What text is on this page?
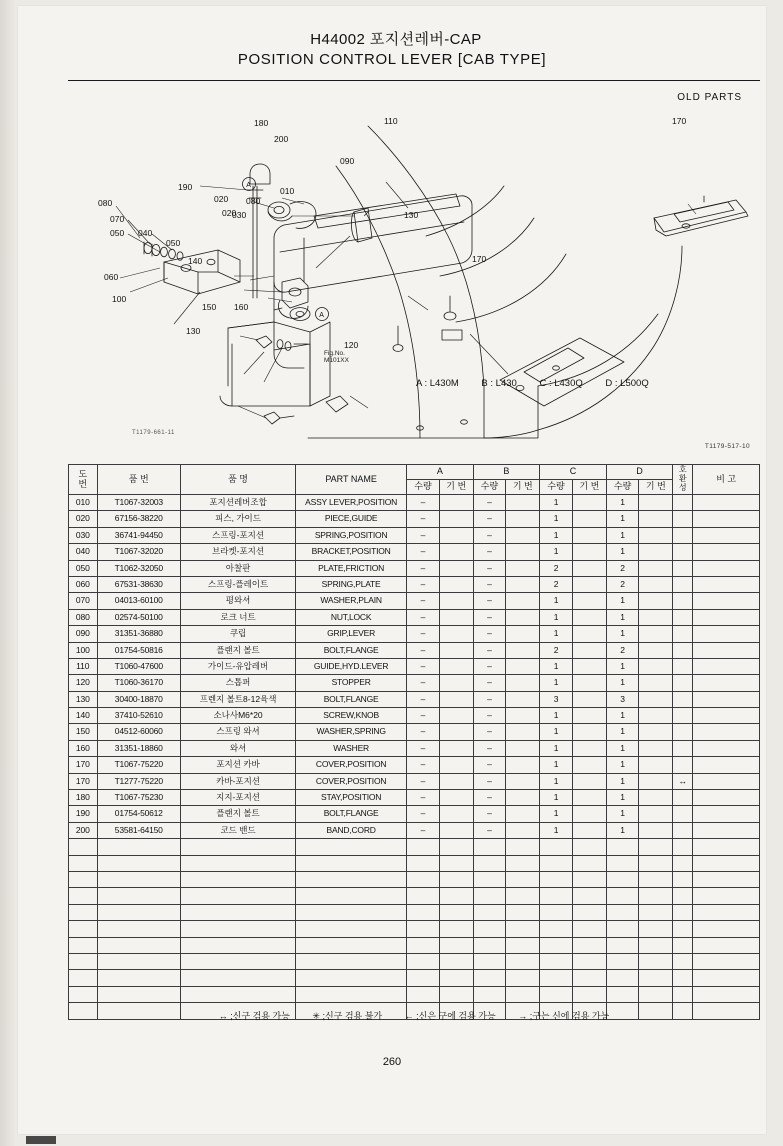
H44002 포지션레버-CAP
POSITION CONTROL LEVER [CAB TYPE]
OLD PARTS
T1179-661-11
T1179-517-10
Fig.No.
M101XX
A
A
080
070
050 040
060
100
050
190
180
200
020
020
080
030
140
150 160
130
110
090
010
130
120
170
170
A : L430M B : L430 C : L430Q D : L500Q
도
번	품 번	품 명	PART NAME	A	B	C	D	호
환
성
	비 고
				수량	기 번	수량	기 번	수량	기 번	수량	기 번		
010	T1067-32003	포지션레버조합	ASSY LEVER,POSITION	–		–		1		1			
020	67156-38220	피스, 가이드	PIECE,GUIDE	–		–		1		1			
030	36741-94450	스프링-포지션	SPRING,POSITION	–		–		1		1			
040	T1067-32020	브라켓-포지션	BRACKET,POSITION	–		–		1		1			
050	T1062-32050	아찰판	PLATE,FRICTION	–		–		2		2			
060	67531-38630	스프링-플레이트	SPRING,PLATE	–		–		2		2			
070	04013-60100	평와셔	WASHER,PLAIN	–		–		1		1			
080	02574-50100	로크 너트	NUT,LOCK	–		–		1		1			
090	31351-36880	쿠립	GRIP,LEVER	–		–		1		1			
100	01754-50816	플랜지 볼트	BOLT,FLANGE	–		–		2		2			
110	T1060-47600	가이드-유압레버	GUIDE,HYD.LEVER	–		–		1		1			
120	T1060-36170	스톱퍼	STOPPER	–		–		1		1			
130	30400-18870	프렌지 볼트8-12육색	BOLT,FLANGE	–		–		3		3			
140	37410-52610	소나사M6*20	SCREW,KNOB	–		–		1		1			
150	04512-60060	스프링 와셔	WASHER,SPRING	–		–		1		1			
160	31351-18860	와셔	WASHER	–		–		1		1			
170	T1067-75220	포지션 카바	COVER,POSITION	–		–		1		1			
170	T1277-75220	카바-포지션	COVER,POSITION	–		–		1		1		↔	
180	T1067-75230	지지-포지션	STAY,POSITION	–		–		1		1			
190	01754-50612	플랜지 볼트	BOLT,FLANGE	–		–		1		1			
200	53581-64150	코드 밴드	BAND,CORD	–		–		1		1			

↔ ;신구 검용 가능	✳ ;신구 검용 불가	← ;신은 구에 검용 가능	→ ;구는 신에 검용 가능
260
